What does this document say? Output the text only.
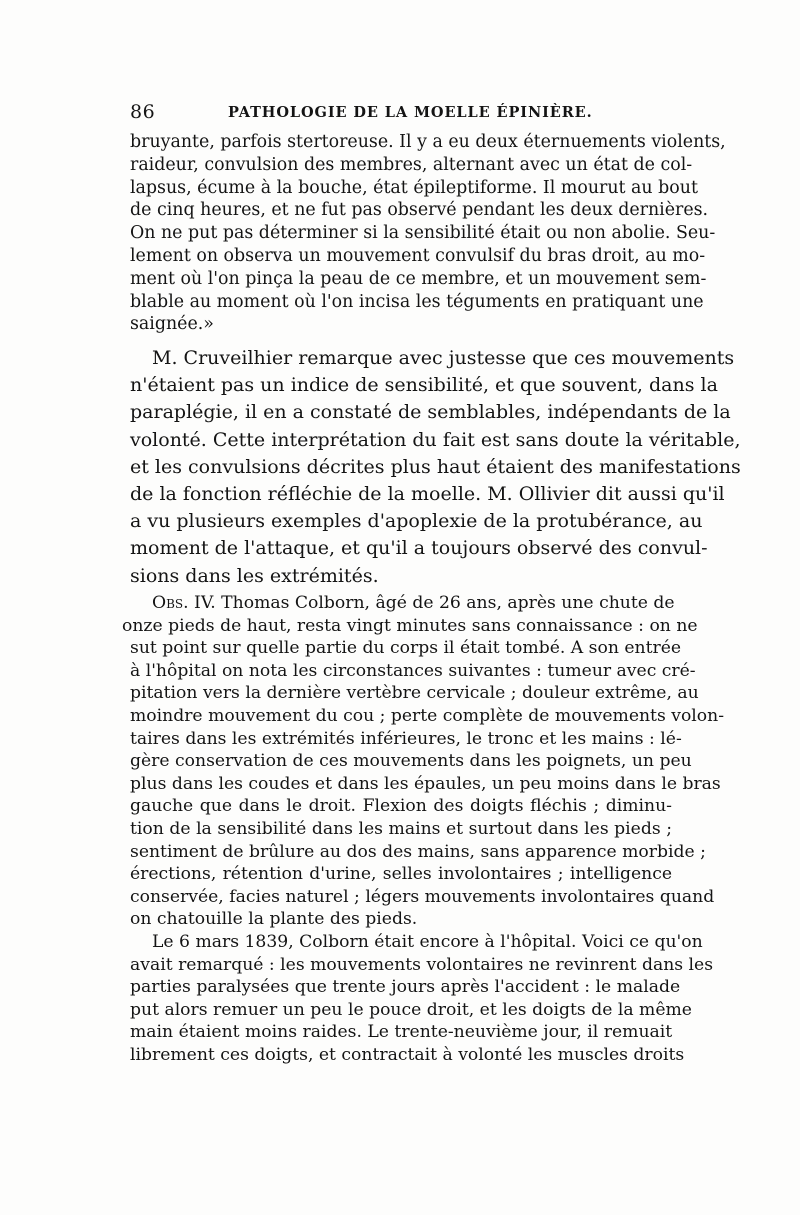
86	PATHOLOGIE DE LA MOELLE ÉPINIÈRE.
bruyante, parfois stertoreuse. Il y a eu deux éternuements violents,
raideur, convulsion des membres, alternant avec un état de col-
lapsus, écume à la bouche, état épileptiforme. Il mourut au bout
de cinq heures, et ne fut pas observé pendant les deux dernières.
On ne put pas déterminer si la sensibilité était ou non abolie. Seu-
lement on observa un mouvement convulsif du bras droit, au mo-
ment où l'on pinça la peau de ce membre, et un mouvement sem-
blable au moment où l'on incisa les téguments en pratiquant une
saignée.»
M. Cruveilhier remarque avec justesse que ces mouvements
n'étaient pas un indice de sensibilité, et que souvent, dans la
paraplégie, il en a constaté de semblables, indépendants de la
volonté. Cette interprétation du fait est sans doute la véritable,
et les convulsions décrites plus haut étaient des manifestations
de la fonction réfléchie de la moelle. M. Ollivier dit aussi qu'il
a vu plusieurs exemples d'apoplexie de la protubérance, au
moment de l'attaque, et qu'il a toujours observé des convul-
sions dans les extrémités.
Obs. IV. Thomas Colborn, âgé de 26 ans, après une chute de
onze pieds de haut, resta vingt minutes sans connaissance : on ne
sut point sur quelle partie du corps il était tombé. A son entrée
à l'hôpital on nota les circonstances suivantes : tumeur avec cré-
pitation vers la dernière vertèbre cervicale ; douleur extrême, au
moindre mouvement du cou ; perte complète de mouvements volon-
taires dans les extrémités inférieures, le tronc et les mains : lé-
gère conservation de ces mouvements dans les poignets, un peu
plus dans les coudes et dans les épaules, un peu moins dans le bras
gauche que dans le droit. Flexion des doigts fléchis ; diminu-
tion de la sensibilité dans les mains et surtout dans les pieds ;
sentiment de brûlure au dos des mains, sans apparence morbide ;
érections, rétention d'urine, selles involontaires ; intelligence
conservée, facies naturel ; légers mouvements involontaires quand
on chatouille la plante des pieds.
Le 6 mars 1839, Colborn était encore à l'hôpital. Voici ce qu'on
avait remarqué : les mouvements volontaires ne revinrent dans les
parties paralysées que trente jours après l'accident : le malade
put alors remuer un peu le pouce droit, et les doigts de la même
main étaient moins raides. Le trente-neuvième jour, il remuait
librement ces doigts, et contractait à volonté les muscles droits
